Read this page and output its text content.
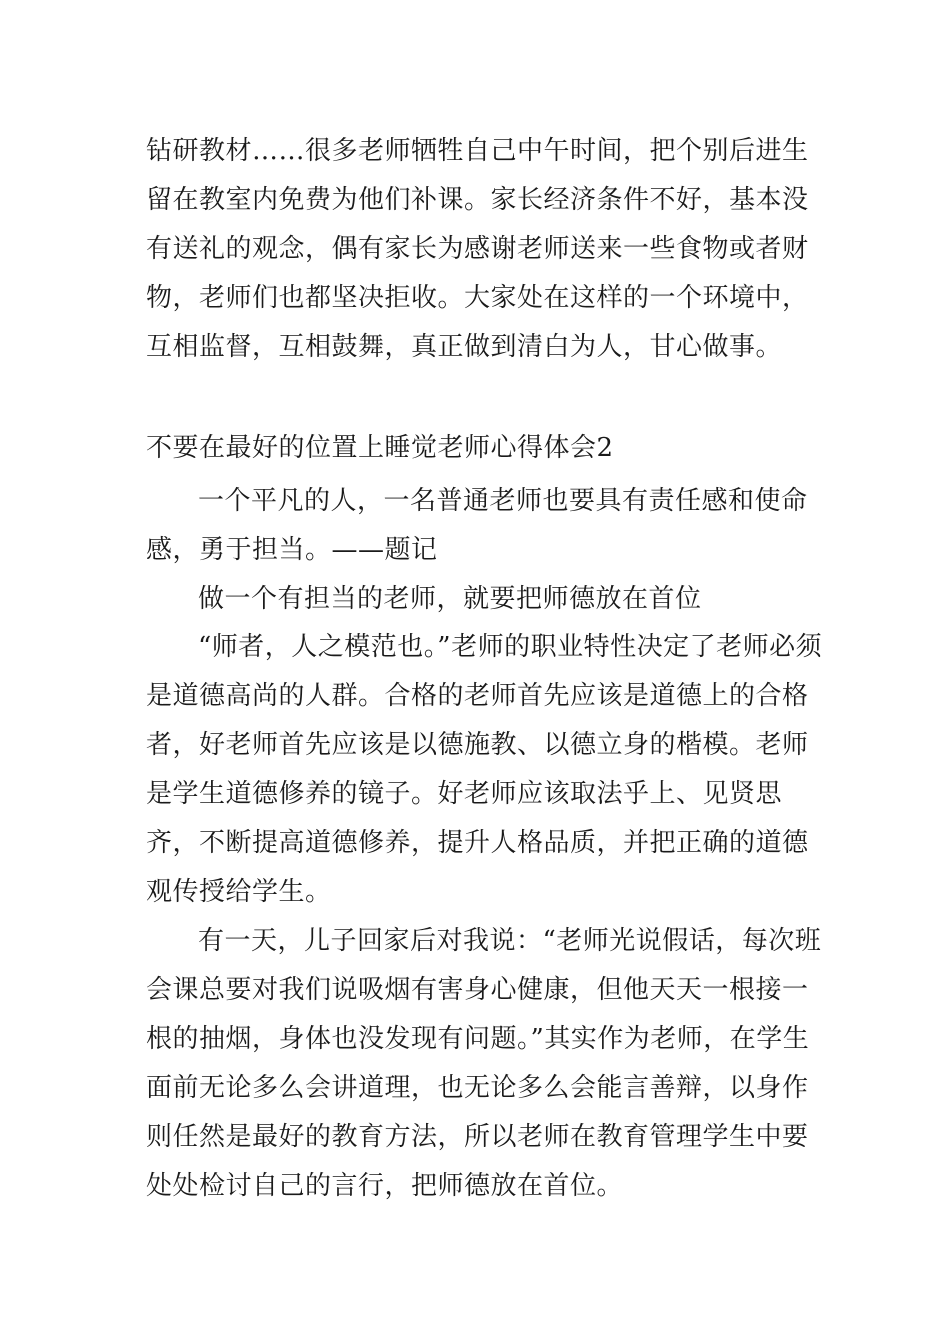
钻研教材……很多老师牺牲自己中午时间，把个别后进生留在教室内免费为他们补课。家长经济条件不好，基本没有送礼的观念，偶有家长为感谢老师送来一些食物或者财物，老师们也都坚决拒收。大家处在这样的一个环境中，互相监督，互相鼓舞，真正做到清白为人，甘心做事。

不要在最好的位置上睡觉老师心得体会2

一个平凡的人，一名普通老师也要具有责任感和使命感，勇于担当。——题记

做一个有担当的老师，就要把师德放在首位

“师者，人之模范也。”老师的职业特性决定了老师必须是道德高尚的人群。合格的老师首先应该是道德上的合格者，好老师首先应该是以德施教、以德立身的楷模。老师是学生道德修养的镜子。好老师应该取法乎上、见贤思齐，不断提高道德修养，提升人格品质，并把正确的道德观传授给学生。

有一天，儿子回家后对我说：“老师光说假话，每次班会课总要对我们说吸烟有害身心健康，但他天天一根接一根的抽烟，身体也没发现有问题。”其实作为老师，在学生面前无论多么会讲道理，也无论多么会能言善辩，以身作则任然是最好的教育方法，所以老师在教育管理学生中要处处检讨自己的言行，把师德放在首位。
